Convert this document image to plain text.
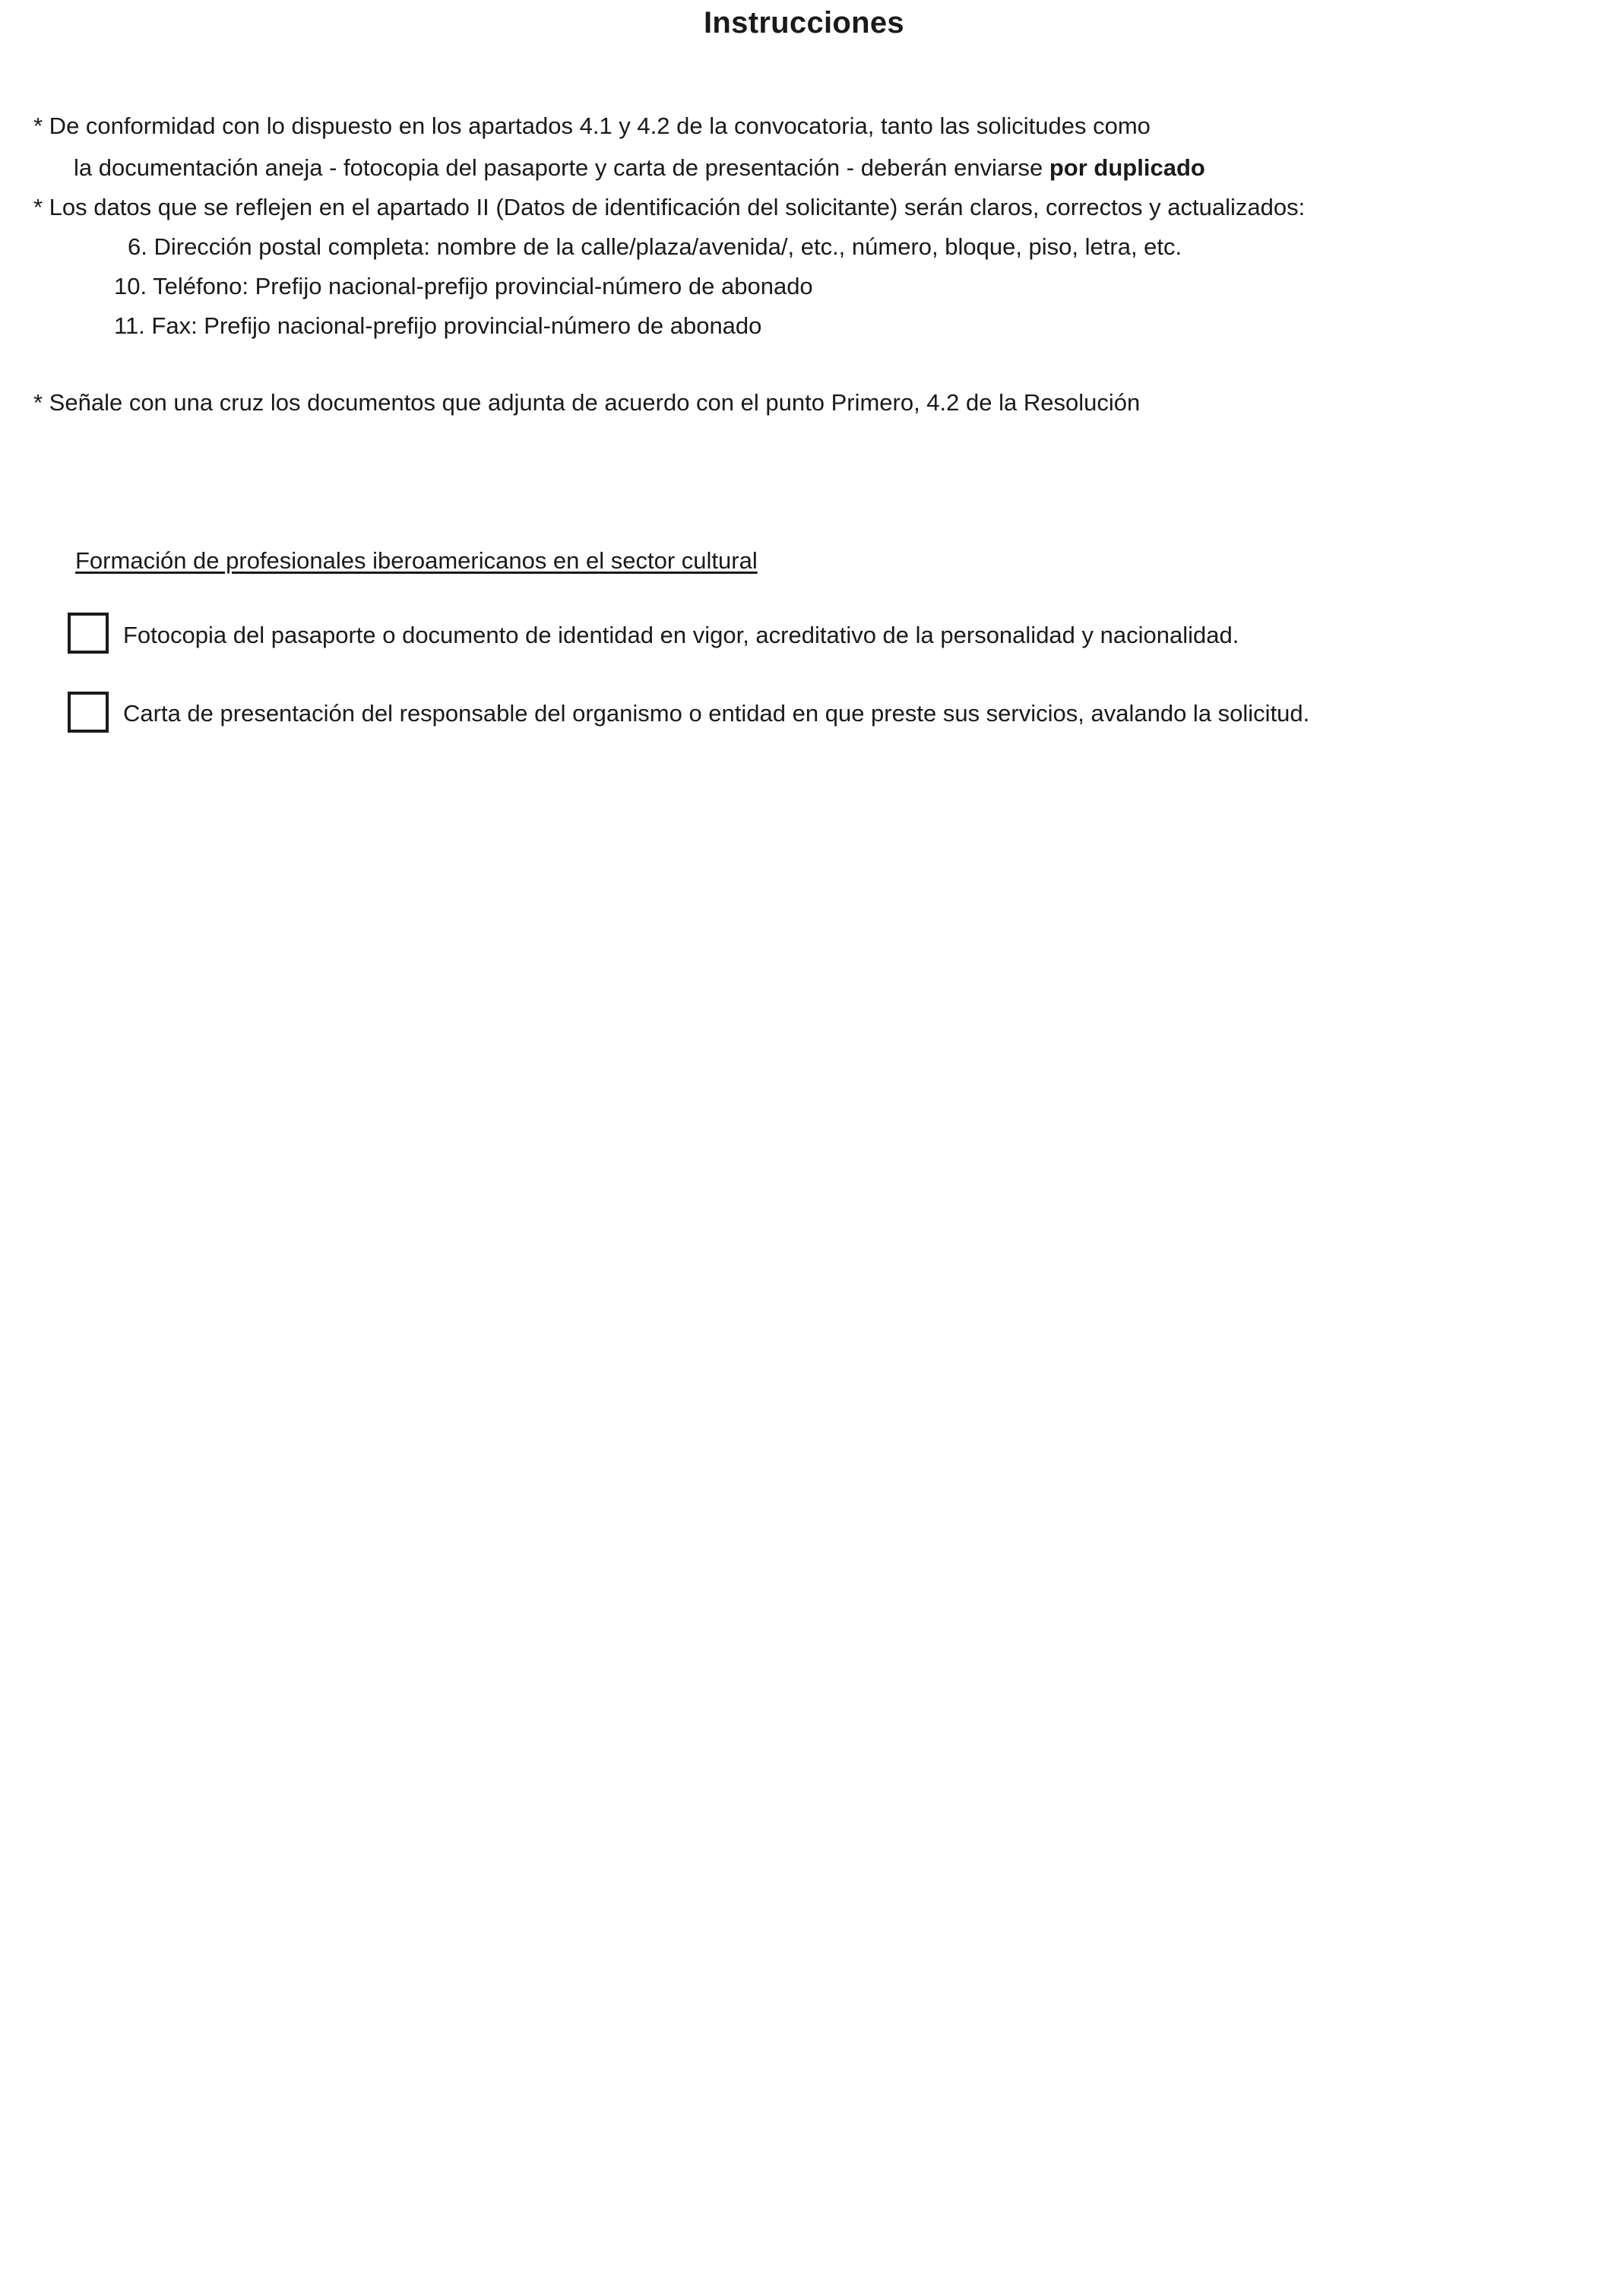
Instrucciones
* De conformidad con lo dispuesto en los apartados 4.1 y 4.2 de la convocatoria, tanto las solicitudes como
la documentación aneja - fotocopia del pasaporte y carta de presentación - deberán enviarse por duplicado
* Los datos que se reflejen en el apartado II (Datos de identificación del solicitante) serán claros, correctos y actualizados:
6. Dirección postal completa: nombre de la calle/plaza/avenida/, etc., número, bloque, piso, letra, etc.
10. Teléfono: Prefijo nacional-prefijo provincial-número de abonado
11. Fax: Prefijo nacional-prefijo provincial-número de abonado
* Señale con una cruz los documentos que adjunta de acuerdo con el punto Primero, 4.2 de la Resolución
Formación de profesionales iberoamericanos en el sector cultural
Fotocopia del pasaporte o documento de identidad en vigor, acreditativo de la personalidad y nacionalidad.
Carta de presentación del responsable del organismo o entidad en que preste sus servicios, avalando la solicitud.
